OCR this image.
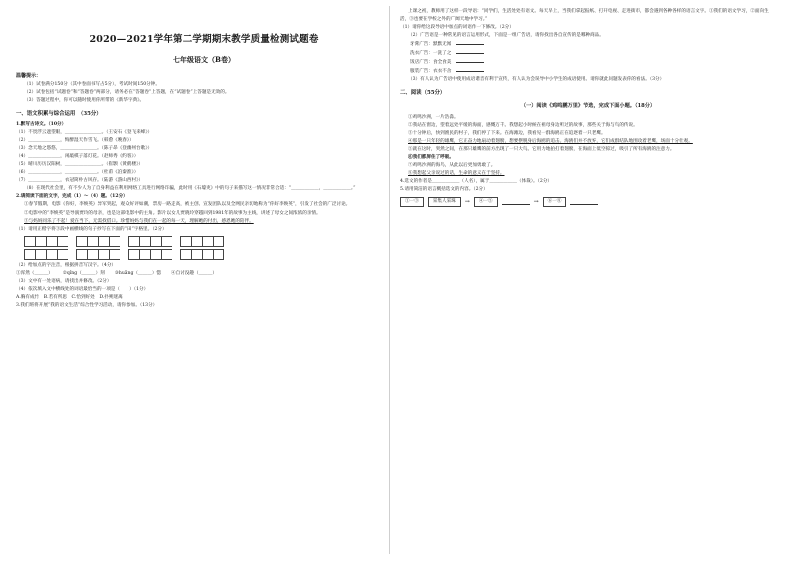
2020—2021学年第二学期期末教学质量检测试题卷
七年级语文（B卷）
温馨提示：
（1）试卷满分150分（其中卷面书写占5分），考试时间150分钟。
（2）试卷包括“试题卷”和“答题卷”两部分，请务必在“答题卷”上答题，在“试题卷”上答题是无效的。
（3）答题过程中，你可以随时使用你所带的《新华字典》。
一、语文积累与综合运用　（35分）
1.默写古诗文。（10分）
（1）不畏浮云遮望眼，＿＿＿＿＿＿＿＿。（王安石《登飞来峰》）
（2）＿＿＿＿＿＿＿，悔醉湿天作雪飞。（韩愈《晚春》）
（3）念天地之悠悠，＿＿＿＿＿＿＿＿。（陈子昂《登幽州台歌》）
（4）＿＿＿＿＿＿＿，闲敲棋子落灯花。（赵师秀《约客》）
（5）晴川历历汉阳树，＿＿＿＿＿＿＿＿。（崔颢《黄鹤楼》）
（6）＿＿＿＿＿＿＿，＿＿＿＿＿＿＿。（杜甫《泊秦淮》）
（7）＿＿＿＿＿＿＿，衣冠简朴古风存。（陆游《游山西村》）
（8）在现代社会里，有不少人为了自身利益在利用网络工具进行网络诈骗，此时用《石壕吏》中的句子来描写这一情况非常合适：“＿＿＿＿＿＿，＿＿＿＿＿＿。”
2.请阅读下面的文字，完成（1）～（4）题。（12分）
①春节假期，电影《你好，李焕英》异军突起，观众好评如潮，票房一路走高，被主创、宣发团队以及全网民亲切地称为“你好李焕英”，引发了社会的广泛讨论。
②电影中的“李焕英”是导演贾玲的母亲，也是这部电影中的主角。影片以女儿贾晓玲穿越回到1981年的故事为主线，讲述了母女之间浓浓的亲情。
③与妈妈同乐了不起！爱在当下，无需找借口。珍惜妈妈与我们在一起的每一天，理解她的付出，感恩她的陪伴。
（1）请用正楷字将③段中画横线的句子抄写在下面的“田”字格里。（2分）
（2）给加点的字注音，根据拼音写汉字。（4分）
①浑然（＿＿＿） ②qǐng（＿＿＿）刻 ③huǎng（＿＿＿）惚 ④自讨没趣（＿＿＿）
（3）文中有一处语病，请找出并修改。（2分）
（4）依次填入文中横线处的词语最恰当的一项是（　　）（1分）
A.胸有成竹　B.若有所思　C.恰到好处　D.扑朔迷离
3.我们班将开展“我的语文生活”综合性学习活动，请你参加。（13分）
上课之初，教师用了这样一段导语：“同学们，生活处处有语文。每天早上，当我们拿起报纸、打开电视、走进街市，都会遇到各种各样的语言文字。①我们的语文学习，②面向生活，③也要在学校之外的广阔天地中学习。”
（1）请你给这段导语中加点的词语作一下修改。（2分）
（2）广告语是一种常见的语言运用形式，下面是一组广告语，请你找出各自宣传的是哪种商品。
牙膏广告：默默无闻　
洗衣广告：一洗了之　
饭店广告：食全食美　
服装广告：衣衣不舍　
（3）有人认为广告语中使用成语谐音有利于宣传，有人认为会误导中小学生的成语使用。请你就此问题发表你的看法。（3分）
二、阅读（55分）
（一）阅读《鸡鸣鹏万里》节选，完成下面小题。（18分）
①鸡鸣沙洲，一片浩淼。
②我站在窗边，望着远处平缓的海面，感慨万千。我想起小时候在祖母身边听过的故事，那些关于海与鸟的传说。
③十分钟后，快到渔民的村子，我们停了下来。在海滩边，我看见一群海鸥正在追逐着一只老鹰。
④那是一只年轻的雄鹰，它正奋力地扇动着翅膀，想要摆脱身后海鸥的追击。海鸥们并不放弃，它们成群结队地围攻着老鹰，场面十分壮观。
⑤就在这时，突然之间，在那只雄鹰的前方出现了一只大鸟。它用力地拍打着翅膀，在海面上低空掠过，吸引了所有海鸥的注意力。
⑥我们都屏住了呼吸。
⑦鸡鸣沙洲的海鸟，从此以后更加勇敢了。
⑧我想起父亲说过的话，生命的意义在于坚持。
4.选文的作者是＿＿＿＿＿＿（人名），属于＿＿＿＿＿＿（体裁）。（2分）
5.请用简洁的语言概括选文的内容。（2分）
①一③	采集人采珠	→	④一⑤	→	⑥一⑧
